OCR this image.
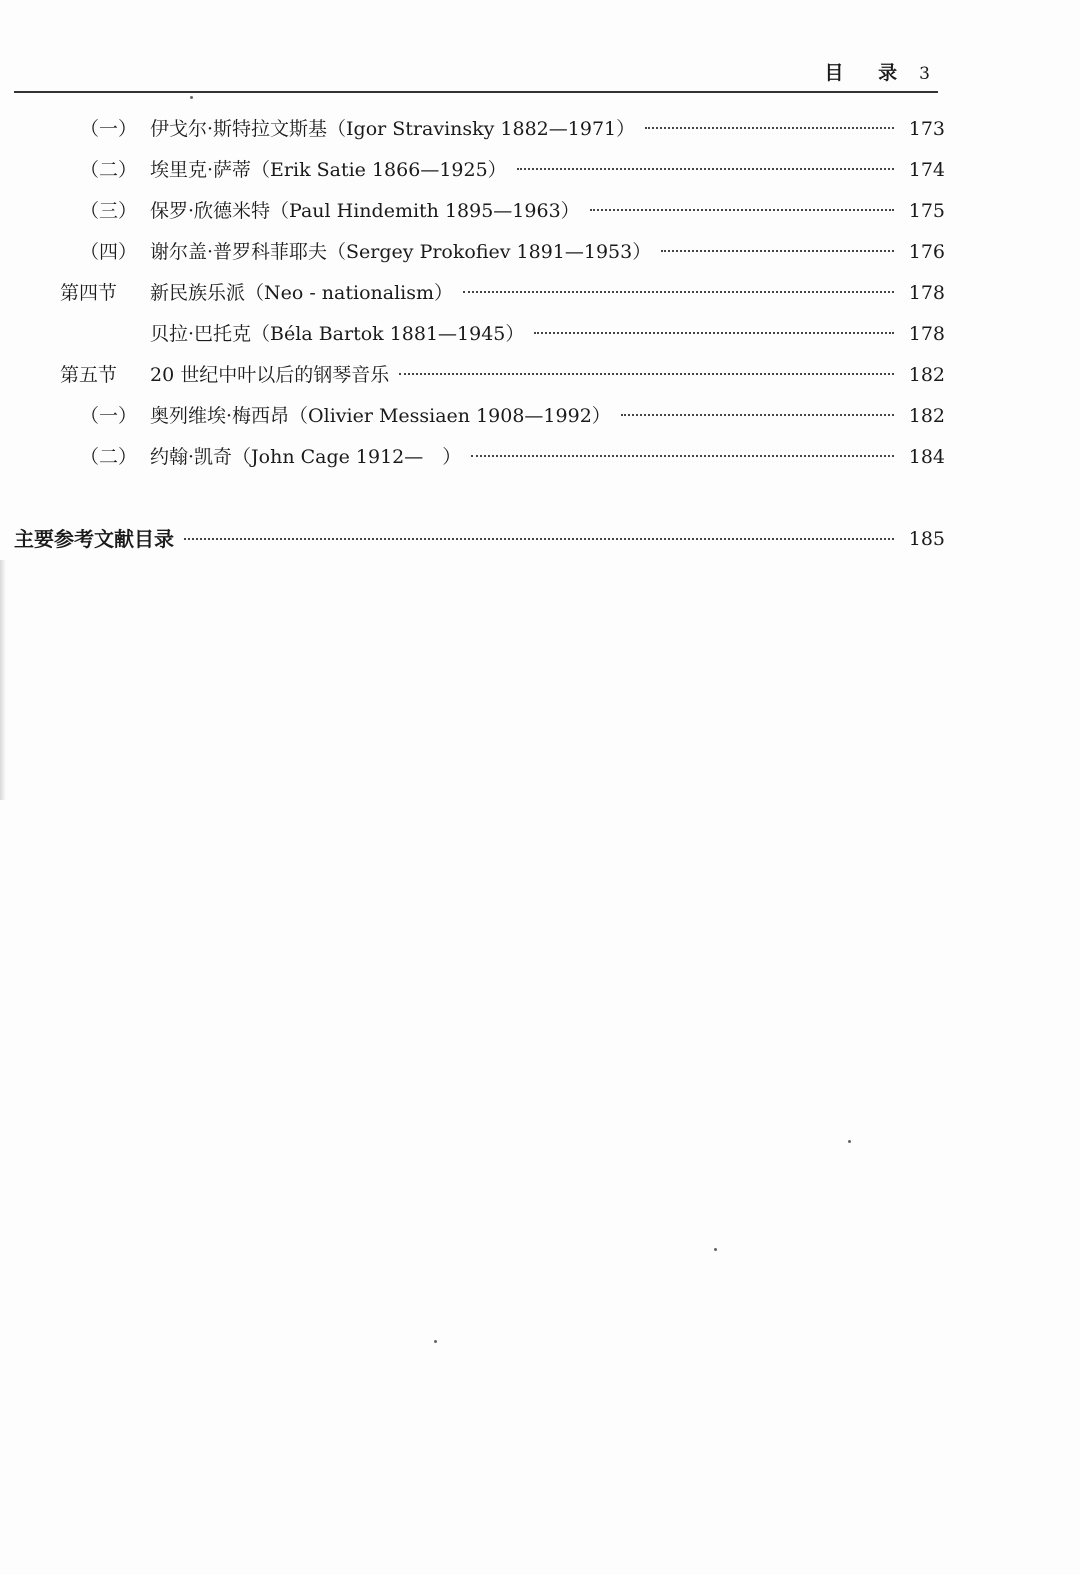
目 录 3
（一） 伊戈尔·斯特拉文斯基（Igor Stravinsky 1882—1971）	173
（二） 埃里克·萨蒂（Erik Satie 1866—1925）	174
（三） 保罗·欣德米特（Paul Hindemith 1895—1963）	175
（四） 谢尔盖·普罗科菲耶夫（Sergey Prokofiev 1891—1953）	176
第四节	新民族乐派（Neo - nationalism）	178
贝拉·巴托克（Béla Bartok 1881—1945）	178
第五节	20 世纪中叶以后的钢琴音乐	182
（一） 奥列维埃·梅西昂（Olivier Messiaen 1908—1992）	182
（二） 约翰·凯奇（John Cage 1912—　）	184
主要参考文献目录	185
